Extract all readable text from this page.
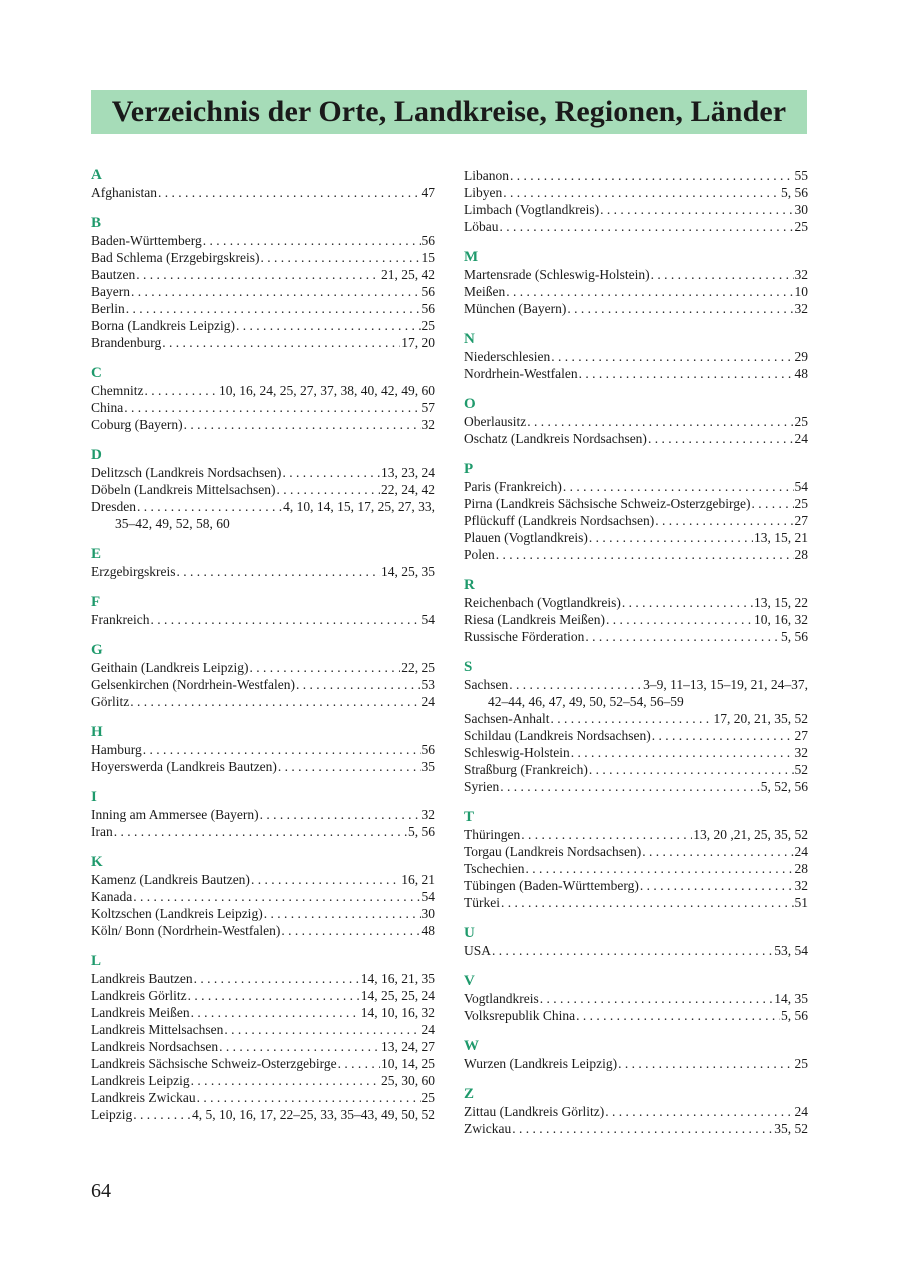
Verzeichnis der Orte, Landkreise, Regionen, Länder
A
Afghanistan . . .	47
B
Baden-Württemberg . . .	56
Bad Schlema (Erzgebirgskreis) . . .	15
Bautzen . . .	21, 25, 42
Bayern . . .	56
Berlin . . .	56
Borna (Landkreis Leipzig) . . .	25
Brandenburg . . .	17, 20
C
Chemnitz . . .	10, 16, 24, 25, 27, 37, 38, 40, 42, 49, 60
China . . .	57
Coburg (Bayern) . . .	32
D
Delitzsch (Landkreis Nordsachsen) . . .	13, 23, 24
Döbeln (Landkreis Mittelsachsen) . . .	22, 24, 42
Dresden . . .	4, 10, 14, 15, 17, 25, 27, 33,
35–42, 49, 52, 58, 60
E
Erzgebirgskreis . . .	14, 25, 35
F
Frankreich . . .	54
G
Geithain (Landkreis Leipzig) . . .	22, 25
Gelsenkirchen (Nordrhein-Westfalen) . . .	53
Görlitz . . .	24
H
Hamburg . . .	56
Hoyerswerda (Landkreis Bautzen) . . .	35
I
Inning am Ammersee (Bayern) . . .	32
Iran . . .	5, 56
K
Kamenz (Landkreis Bautzen) . . .	16, 21
Kanada . . .	54
Koltzschen (Landkreis Leipzig) . . .	30
Köln/ Bonn (Nordrhein-Westfalen) . . .	48
L
Landkreis Bautzen . . .	14, 16, 21, 35
Landkreis Görlitz . . .	14, 25, 25, 24
Landkreis Meißen . . .	14, 10, 16, 32
Landkreis Mittelsachsen . . .	24
Landkreis Nordsachsen . . .	13, 24, 27
Landkreis Sächsische Schweiz-Osterzgebirge . . .	10, 14, 25
Landkreis Leipzig . . .	25, 30, 60
Landkreis Zwickau . . .	25
Leipzig . . .	4, 5, 10, 16, 17, 22–25, 33, 35–43, 49, 50, 52
Libanon . . .	55
Libyen . . .	5, 56
Limbach (Vogtlandkreis) . . .	30
Löbau . . .	25
M
Martensrade (Schleswig-Holstein) . . .	32
Meißen . . .	10
München (Bayern) . . .	32
N
Niederschlesien . . .	29
Nordrhein-Westfalen . . .	48
O
Oberlausitz . . .	25
Oschatz (Landkreis Nordsachsen) . . .	24
P
Paris (Frankreich) . . .	54
Pirna (Landkreis Sächsische Schweiz-Osterzgebirge) . . .	25
Pflückuff (Landkreis Nordsachsen) . . .	27
Plauen (Vogtlandkreis) . . .	13, 15, 21
Polen . . .	28
R
Reichenbach (Vogtlandkreis) . . .	13, 15, 22
Riesa (Landkreis Meißen) . . .	10, 16, 32
Russische Förderation . . .	5, 56
S
Sachsen . . .	3–9, 11–13, 15–19, 21, 24–37,
42–44, 46, 47, 49, 50, 52–54, 56–59
Sachsen-Anhalt . . .	17, 20, 21, 35, 52
Schildau (Landkreis Nordsachsen) . . .	27
Schleswig-Holstein . . .	32
Straßburg (Frankreich) . . .	52
Syrien . . .	5, 52, 56
T
Thüringen . . .	13, 20 ,21, 25, 35, 52
Torgau (Landkreis Nordsachsen) . . .	24
Tschechien . . .	28
Tübingen (Baden-Württemberg) . . .	32
Türkei . . .	51
U
USA . . .	53, 54
V
Vogtlandkreis . . .	14, 35
Volksrepublik China . . .	5, 56
W
Wurzen (Landkreis Leipzig) . . .	25
Z
Zittau (Landkreis Görlitz) . . .	24
Zwickau . . .	35, 52
64
